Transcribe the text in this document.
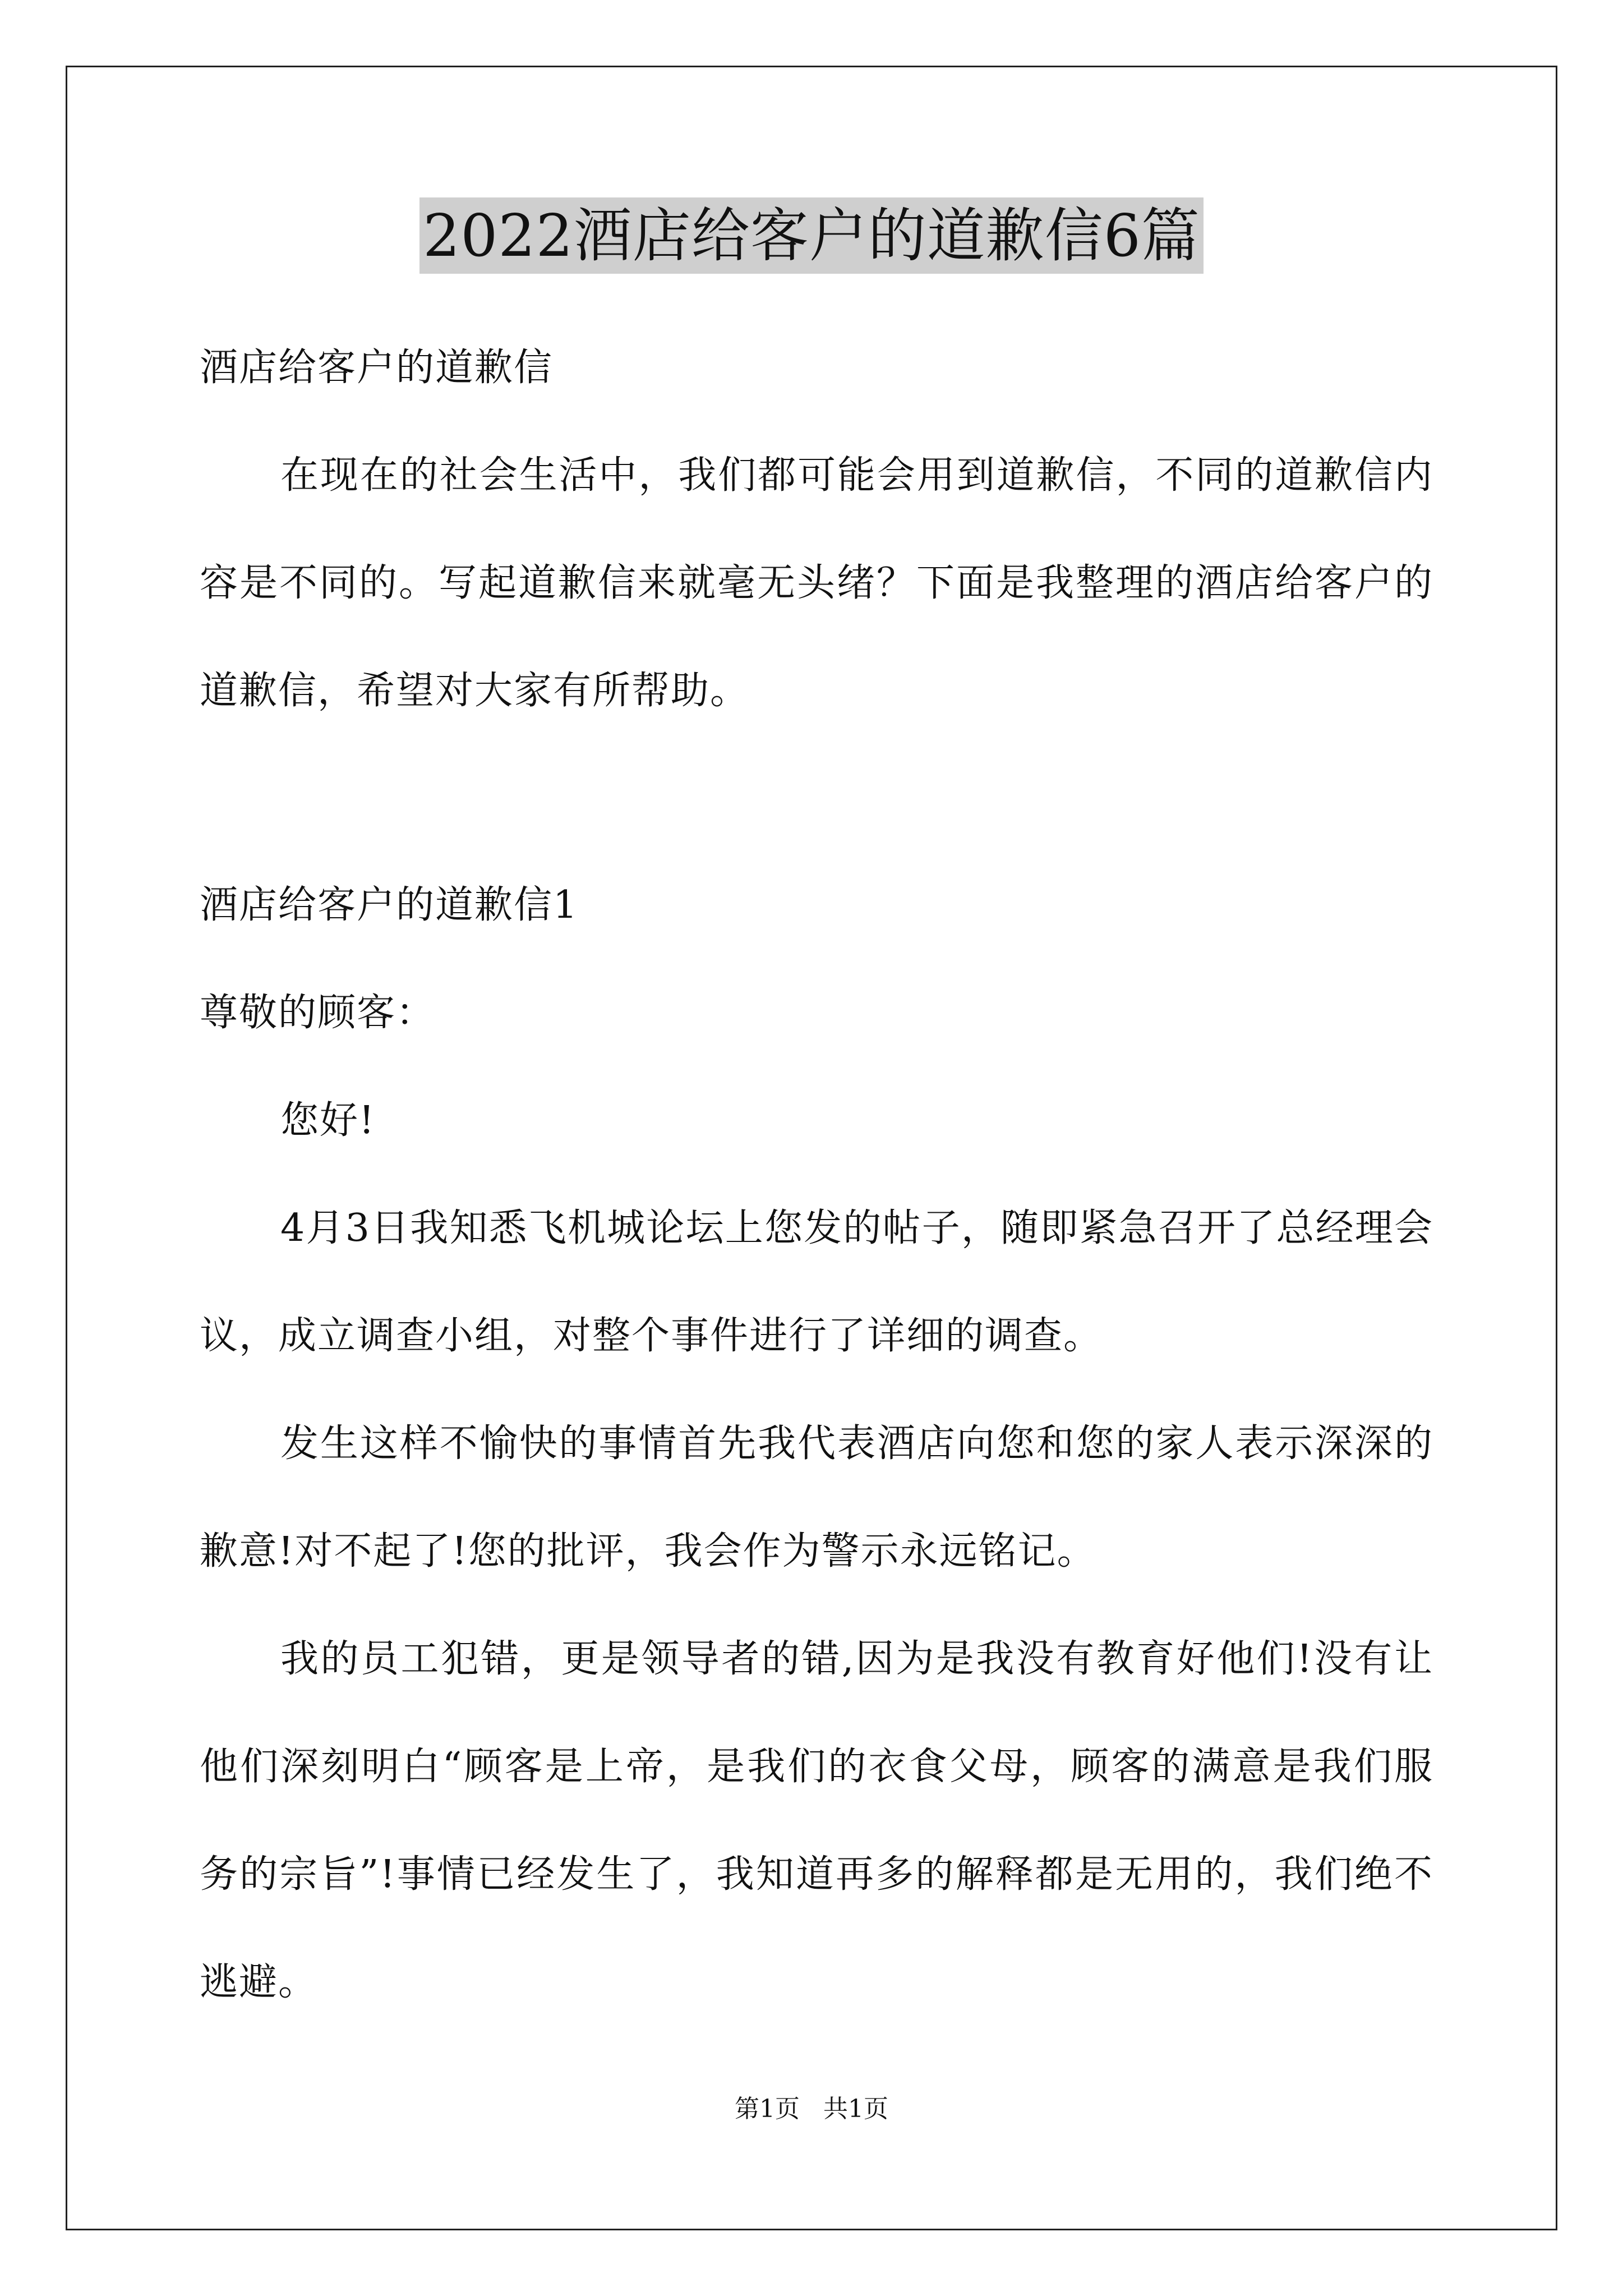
2022酒店给客户的道歉信6篇

酒店给客户的道歉信

在现在的社会生活中，我们都可能会用到道歉信，不同的道歉信内容是不同的。写起道歉信来就毫无头绪？下面是我整理的酒店给客户的道歉信，希望对大家有所帮助。

酒店给客户的道歉信1

尊敬的顾客：

您好!

4月3日我知悉飞机城论坛上您发的帖子，随即紧急召开了总经理会议，成立调查小组，对整个事件进行了详细的调查。

发生这样不愉快的事情首先我代表酒店向您和您的家人表示深深的歉意!对不起了!您的批评，我会作为警示永远铭记。

我的员工犯错，更是领导者的错,因为是我没有教育好他们!没有让他们深刻明白“顾客是上帝，是我们的衣食父母，顾客的满意是我们服务的宗旨”!事情已经发生了，我知道再多的解释都是无用的，我们绝不逃避。

第1页 共1页
